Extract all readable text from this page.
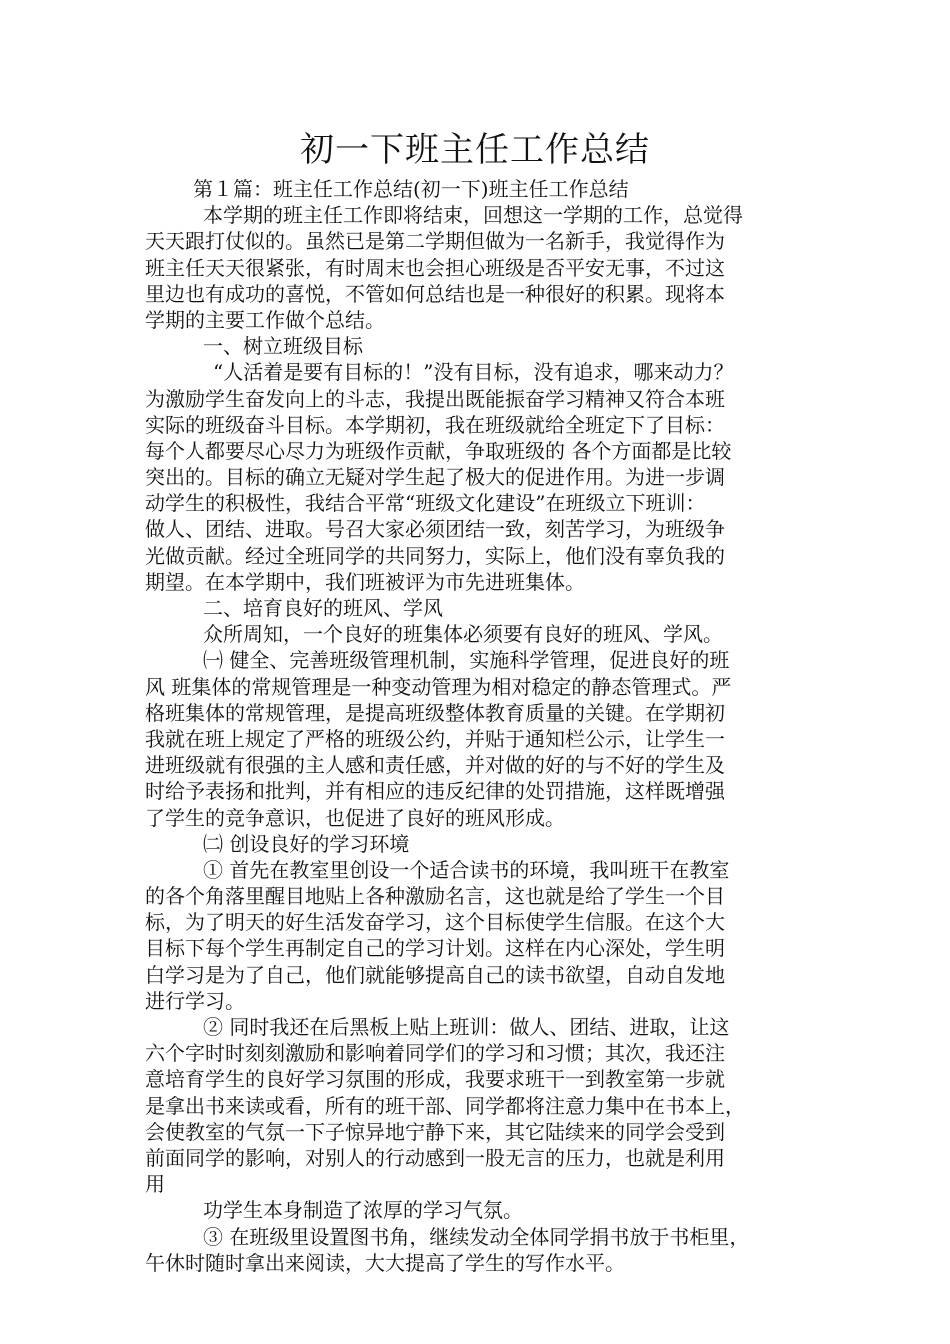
初一下班主任工作总结
第１篇：班主任工作总结(初一下)班主任工作总结
本学期的班主任工作即将结束，回想这一学期的工作，总觉得
天天跟打仗似的。虽然已是第二学期但做为一名新手，我觉得作为
班主任天天很紧张，有时周末也会担心班级是否平安无事，不过这
里边也有成功的喜悦，不管如何总结也是一种很好的积累。现将本
学期的主要工作做个总结。
一、树立班级目标
“人活着是要有目标的！”没有目标，没有追求，哪来动力？
为激励学生奋发向上的斗志，我提出既能振奋学习精神又符合本班
实际的班级奋斗目标。本学期初，我在班级就给全班定下了目标：
每个人都要尽心尽力为班级作贡献，争取班级的 各个方面都是比较
突出的。目标的确立无疑对学生起了极大的促进作用。为进一步调
动学生的积极性，我结合平常“班级文化建设”在班级立下班训：
做人、团结、进取。号召大家必须团结一致，刻苦学习，为班级争
光做贡献。经过全班同学的共同努力，实际上，他们没有辜负我的
期望。在本学期中，我们班被评为市先进班集体。
二、培育良好的班风、学风
众所周知，一个良好的班集体必须要有良好的班风、学风。
㈠ 健全、完善班级管理机制，实施科学管理，促进良好的班
风 班集体的常规管理是一种变动管理为相对稳定的静态管理式。严
格班集体的常规管理，是提高班级整体教育质量的关键。在学期初
我就在班上规定了严格的班级公约，并贴于通知栏公示，让学生一
进班级就有很强的主人感和责任感，并对做的好的与不好的学生及
时给予表扬和批判，并有相应的违反纪律的处罚措施，这样既增强
了学生的竞争意识，也促进了良好的班风形成。
㈡ 创设良好的学习环境
① 首先在教室里创设一个适合读书的环境，我叫班干在教室
的各个角落里醒目地贴上各种激励名言，这也就是给了学生一个目
标，为了明天的好生活发奋学习，这个目标使学生信服。在这个大
目标下每个学生再制定自己的学习计划。这样在内心深处，学生明
白学习是为了自己，他们就能够提高自己的读书欲望，自动自发地
进行学习。
② 同时我还在后黑板上贴上班训：做人、团结、进取，让这
六个字时时刻刻激励和影响着同学们的学习和习惯；其次，我还注
意培育学生的良好学习氛围的形成，我要求班干一到教室第一步就
是拿出书来读或看，所有的班干部、同学都将注意力集中在书本上，
会使教室的气氛一下子惊异地宁静下来，其它陆续来的同学会受到
前面同学的影响，对别人的行动感到一股无言的压力，也就是利用
用
功学生本身制造了浓厚的学习气氛。
③ 在班级里设置图书角，继续发动全体同学捐书放于书柜里，
午休时随时拿出来阅读，大大提高了学生的写作水平。
